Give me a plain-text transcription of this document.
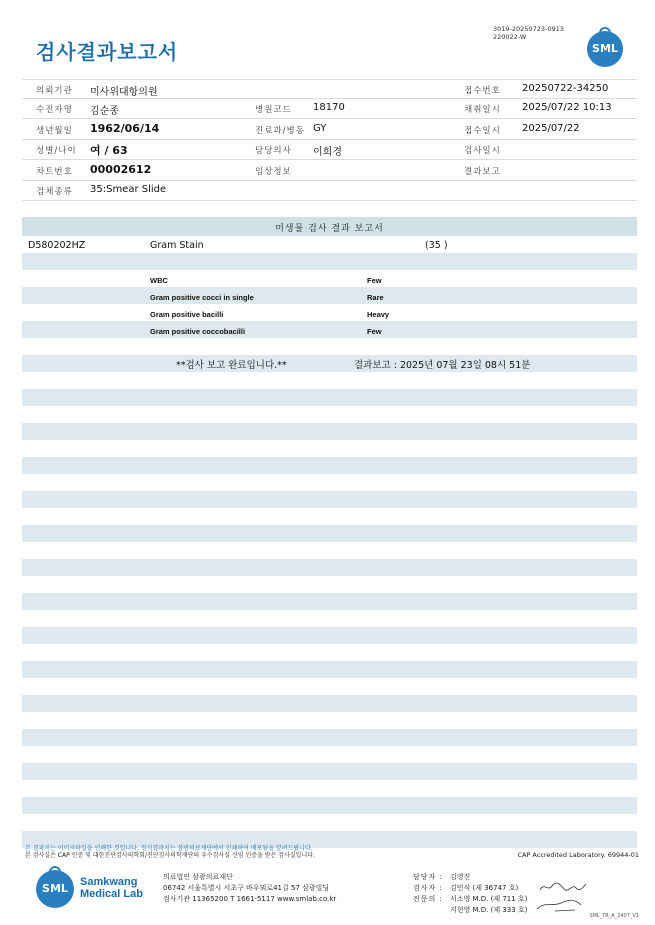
검사결과보고서
3019-20250723-0913
220022-W
SML
의뢰기관 미사위대항의원	접수번호 20250722-34250
수진자명 김순종	병원코드 18170	채취일시 2025/07/22 10:13
생년월일 1962/06/14	진료과/병동 GY	접수일시 2025/07/22
성별/나이 여 / 63	담당의사 이희경	검사일시
차트번호 00002612	임상정보	결과보고
검체종류 35:Smear Slide
미생물 검사 결과 보고서
D580202HZ	Gram Stain	(35 )
WBC	Few
Gram positive cocci in single	Rare
Gram positive bacilli	Heavy
Gram positive coccobacilli	Few
**검사 보고 완료입니다.**	결과보고 : 2025년 07월 23일 08시 51분
본 결과지는 이미지파일을 인쇄한 것입니다. 정식결과지는 삼광의료재단에서 인쇄하여 배포됨을 알려드립니다.
본 검사실은 CAP 인증 및 대한진단검사의학회/진단검사의학재단의 우수검사실 신임 인증을 받은 검사실입니다.	CAP Accredited Laboratory. 69944-01
SML	Samkwang
Medical Lab
의료법인 삼광의료재단
06742 서울특별시 서초구 바우뫼로41길 57 삼광빌딩
검사기관 11365200 T 1661-5117 www.smlab.co.kr
담당자 : 김영진
검사자 : 김민식 (제 36747 호)
전문의 : 서소영 M.D. (제 711 호)
지현영 M.D. (제 333 호)
SML_TR_A_2407_V1
